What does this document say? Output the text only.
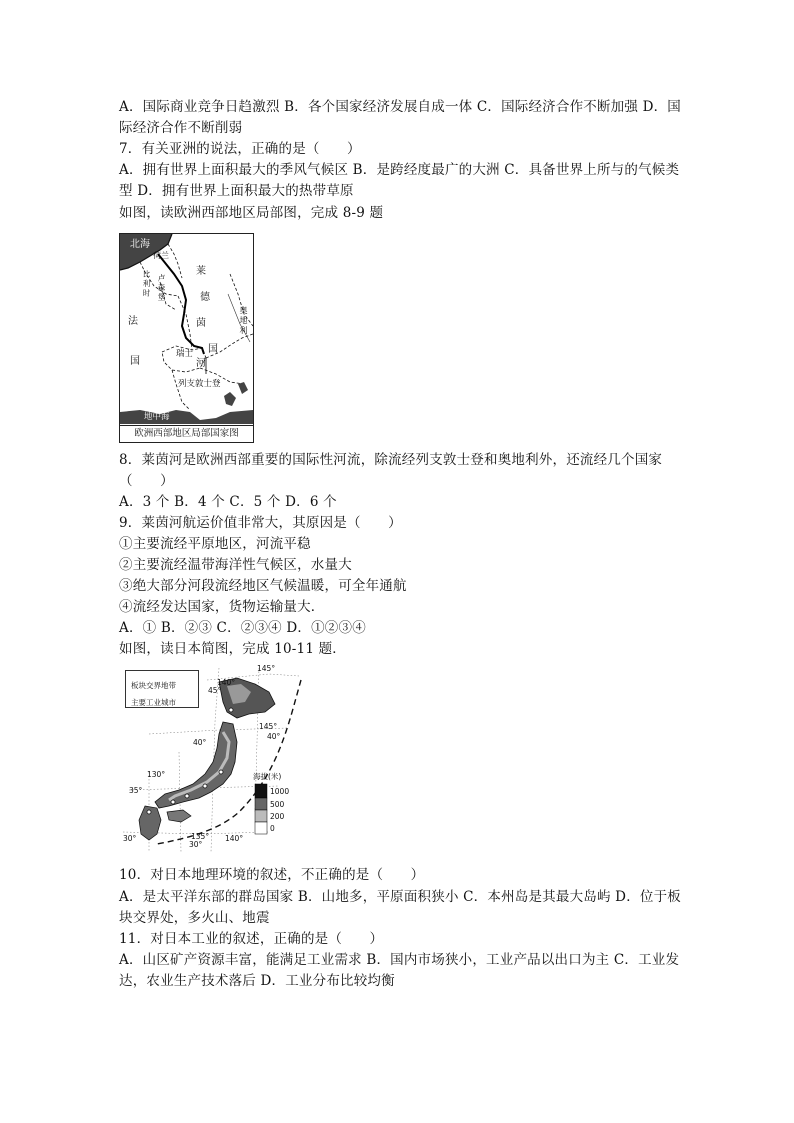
A．国际商业竞争日趋激烈 B．各个国家经济发展自成一体 C．国际经济合作不断加强 D．国
际经济合作不断削弱
7．有关亚洲的说法，正确的是（　　）
A．拥有世界上面积最大的季风气候区 B．是跨经度最广的大洲 C．具备世界上所与的气候类
型 D．拥有世界上面积最大的热带草原
如图，读欧洲西部地区局部图，完成 8-9 题
北海
荷兰
莱
德
茵
国
河
比利时 卢森堡
法
国
瑞士
奥地利
列支敦士登
地中海
欧洲西部地区局部国家图
8．莱茵河是欧洲西部重要的国际性河流，除流经列支敦士登和奥地利外，还流经几个国家
（　　）
A．3 个 B．4 个 C．5 个 D．6 个
9．莱茵河航运价值非常大，其原因是（　　）
①主要流经平原地区，河流平稳
②主要流经温带海洋性气候区，水量大
③绝大部分河段流经地区气候温暖，可全年通航
④流经发达国家，货物运输量大．
A．① B．②③ C．②③④ D．①②③④
如图，读日本简图，完成 10-11 题．
板块交界地带
主要工业城市
145°
140°
45°
145°
40°
40°
130°
35°
135°
30°
140°
30°
海拔(米)
1000
500
200
0
10．对日本地理环境的叙述，不正确的是（　　）
A．是太平洋东部的群岛国家 B．山地多，平原面积狭小 C．本州岛是其最大岛屿 D．位于板
块交界处，多火山、地震
11．对日本工业的叙述，正确的是（　　）
A．山区矿产资源丰富，能满足工业需求 B．国内市场狭小，工业产品以出口为主 C．工业发
达，农业生产技术落后 D．工业分布比较均衡
